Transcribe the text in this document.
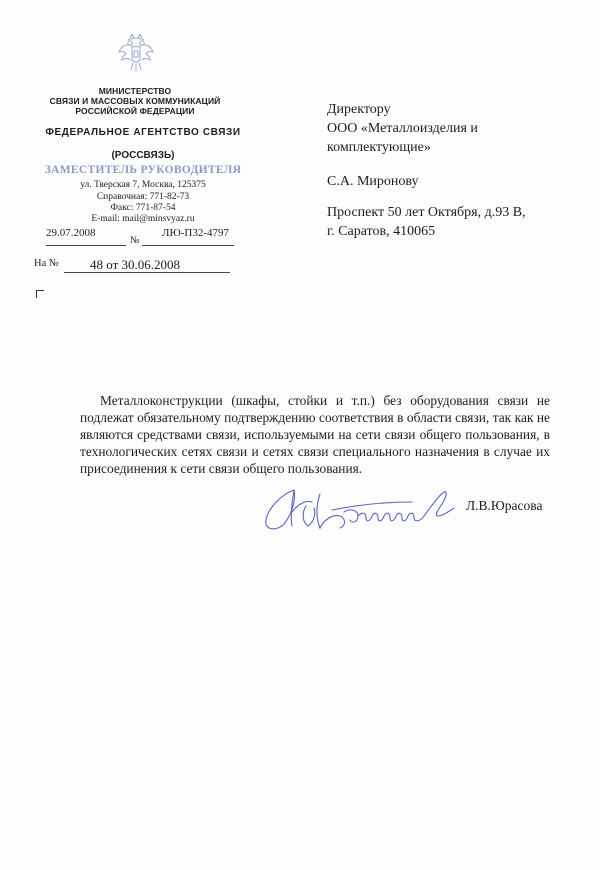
МИНИСТЕРСТВО
СВЯЗИ И МАССОВЫХ КОММУНИКАЦИЙ
РОССИЙСКОЙ ФЕДЕРАЦИИ
ФЕДЕРАЛЬНОЕ АГЕНТСТВО СВЯЗИ
(РОССВЯЗЬ)
ЗАМЕСТИТЕЛЬ РУКОВОДИТЕЛЯ
ул. Тверская 7, Москва, 125375
Справочная: 771-82-73
Факс: 771-87-54
E-mail: mail@minsvyaz.ru
29.07.2008
№
ЛЮ-П32-4797
На № 48 от 30.06.2008
Директору
ООО «Металлоизделия и
комплектующие»
С.А. Миронову
Проспект 50 лет Октября, д.93 В,
г. Саратов, 410065

Металлоконструкции (шкафы, стойки и т.п.) без оборудования связи не подлежат обязательному подтверждению соответствия в области связи, так как не являются средствами связи, используемыми на сети связи общего пользования, в технологических сетях связи и сетях связи специального назначения в случае их присоединения к сети связи общего пользования.

Л.В.Юрасова
